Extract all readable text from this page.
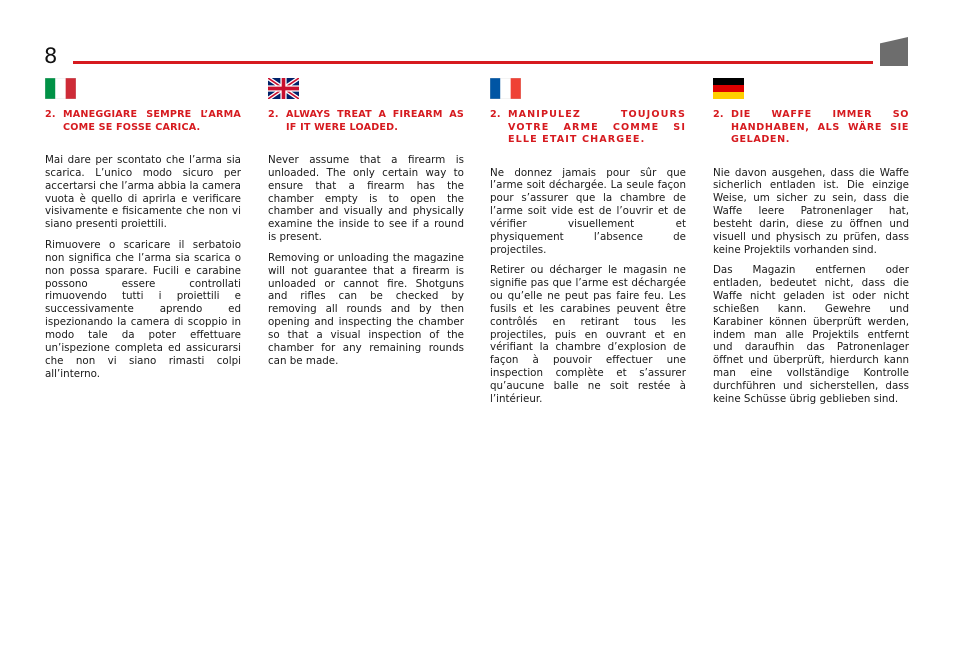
8
2. MANEGGIARE SEMPRE L’ARMA COME SE FOSSE CARICA.

Mai dare per scontato che l’arma sia scarica. L’unico modo sicuro per accertarsi che l’arma abbia la camera vuota è quello di aprirla e verificare visivamente e fisicamente che non vi siano presenti proiettili.

Rimuovere o scaricare il serbatoio non significa che l’arma sia scarica o non possa sparare. Fucili e carabine possono essere controllati rimuovendo tutti i proiettili e successivamente aprendo ed ispezionando la camera di scoppio in modo tale da poter effettuare un’ispezione completa ed assicurarsi che non vi siano rimasti colpi all’interno.

2. ALWAYS TREAT A FIREARM AS IF IT WERE LOADED.

Never assume that a firearm is unloaded. The only certain way to ensure that a firearm has the chamber empty is to open the chamber and visually and physically examine the inside to see if a round is present.

Removing or unloading the magazine will not guarantee that a firearm is unloaded or cannot fire. Shotguns and rifles can be checked by removing all rounds and by then opening and inspecting the chamber so that a visual inspection of the chamber for any remaining rounds can be made.

2. MANIPULEZ TOUJOURS VOTRE ARME COMME SI ELLE ETAIT CHARGEE.

Ne donnez jamais pour sûr que l’arme soit déchargée. La seule façon pour s’assurer que la chambre de l’arme soit vide est de l’ouvrir et de vérifier visuellement et physiquement l’absence de projectiles.

Retirer ou décharger le magasin ne signifie pas que l’arme est déchargée ou qu’elle ne peut pas faire feu. Les fusils et les carabines peuvent être contrôlés en retirant tous les projectiles, puis en ouvrant et en vérifiant la chambre d’explosion de façon à pouvoir effectuer une inspection complète et s’assurer qu’aucune balle ne soit restée à l’intérieur.

2. DIE WAFFE IMMER SO HANDHABEN, ALS WÄRE SIE GELADEN.

Nie davon ausgehen, dass die Waffe sicherlich entladen ist. Die einzige Weise, um sicher zu sein, dass die Waffe leere Patronenlager hat, besteht darin, diese zu öffnen und visuell und physisch zu prüfen, dass keine Projektils vorhanden sind.

Das Magazin entfernen oder entladen, bedeutet nicht, dass die Waffe nicht geladen ist oder nicht schießen kann. Gewehre und Karabiner können überprüft werden, indem man alle Projektils entfernt und daraufhin das Patronenlager öffnet und überprüft, hierdurch kann man eine vollständige Kontrolle durchführen und sicherstellen, dass keine Schüsse übrig geblieben sind.
